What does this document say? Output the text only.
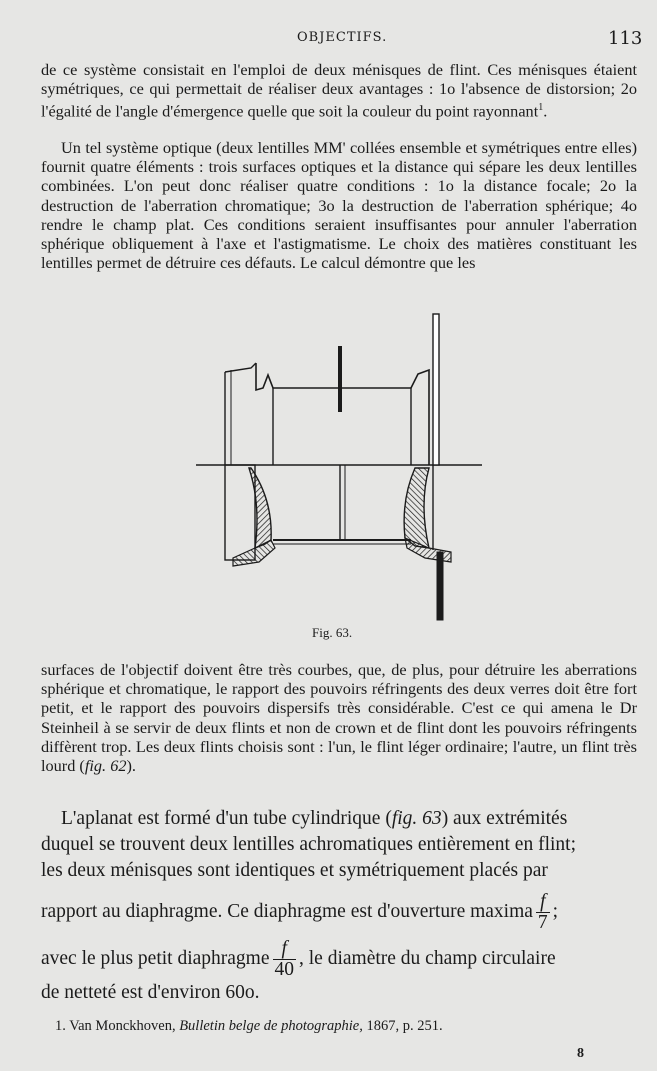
OBJECTIFS.	113

de ce système consistait en l'emploi de deux ménisques de flint. Ces ménisques étaient symétriques, ce qui permettait de réaliser deux avantages : 1o l'absence de distorsion; 2o l'égalité de l'angle d'émergence quelle que soit la couleur du point rayonnant$^1$.

Un tel système optique (deux lentilles MM' collées ensemble et symétriques entre elles) fournit quatre éléments : trois surfaces optiques et la distance qui sépare les deux lentilles combinées. L'on peut donc réaliser quatre conditions : 1o la distance focale; 2o la destruction de l'aberration chromatique; 3o la destruction de l'aberration sphérique; 4o rendre le champ plat. Ces conditions seraient insuffisantes pour annuler l'aberration sphérique obliquement à l'axe et l'astigmatisme. Le choix des matières constituant les lentilles permet de détruire ces défauts. Le calcul démontre que les

Fig. 63.

surfaces de l'objectif doivent être très courbes, que, de plus, pour détruire les aberrations sphérique et chromatique, le rapport des pouvoirs réfringents des deux verres doit être fort petit, et le rapport des pouvoirs dispersifs très considérable. C'est ce qui amena le Dr Steinheil à se servir de deux flints et non de crown et de flint dont les pouvoirs réfringents diffèrent trop. Les deux flints choisis sont : l'un, le flint léger ordinaire; l'autre, un flint très lourd (fig. 62).

L'aplanat est formé d'un tube cylindrique (fig. 63) aux extrémités
duquel se trouvent deux lentilles achromatiques entièrement en flint;
les deux ménisques sont identiques et symétriquement placés par
rapport au diaphragme. Ce diaphragme est d'ouverture maxima $\frac{f}{7}$ ;
avec le plus petit diaphragme $\frac{f}{40}$ , le diamètre du champ circulaire
de netteté est d'environ 60o.
1. Van Monckhoven, Bulletin belge de photographie, 1867, p. 251.
8
